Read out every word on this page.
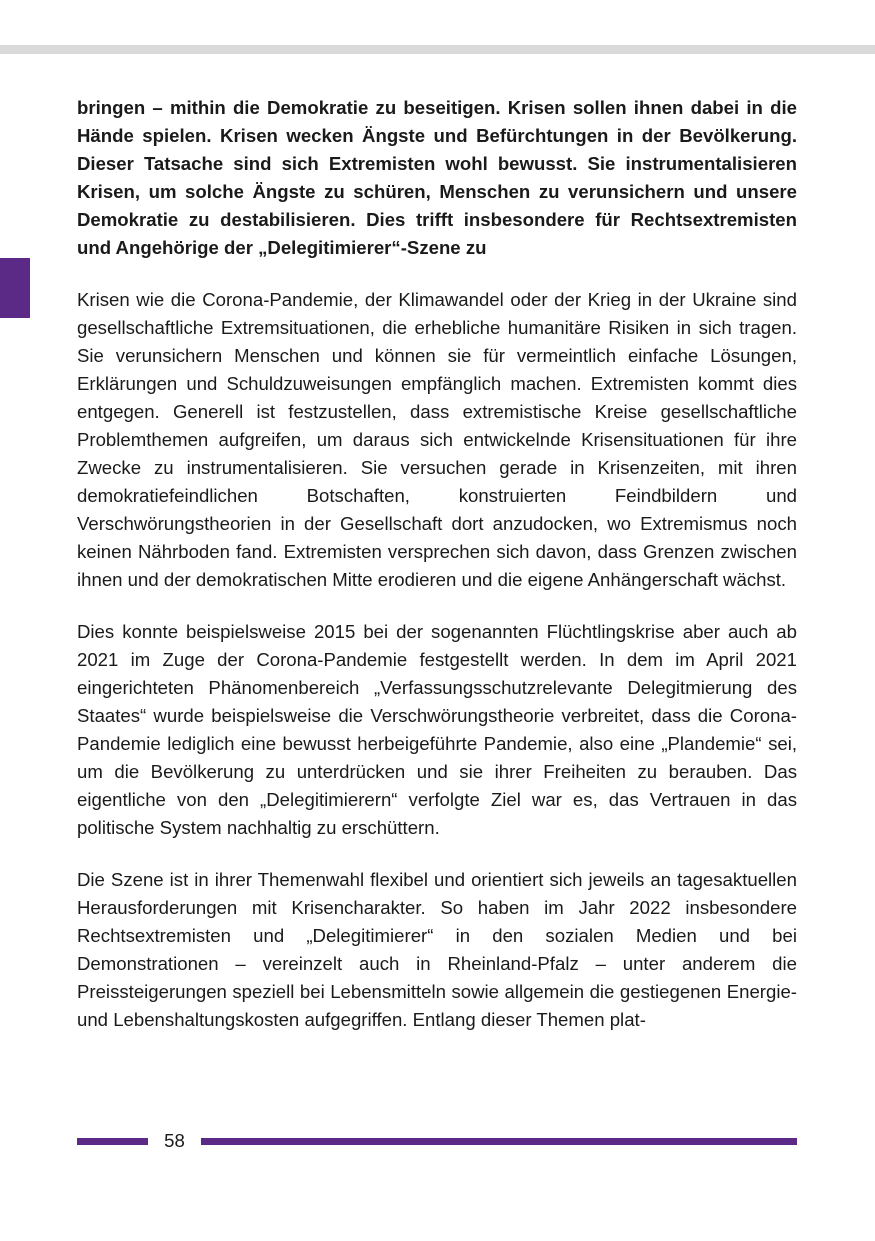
bringen – mithin die Demokratie zu beseitigen. Krisen sollen ihnen dabei in die Hände spielen. Krisen wecken Ängste und Befürchtungen in der Bevölkerung. Dieser Tatsache sind sich Extremisten wohl bewusst. Sie instrumentalisieren Krisen, um solche Ängste zu schüren, Menschen zu verunsichern und unsere Demokratie zu destabilisieren. Dies trifft insbesondere für Rechtsextremisten und Angehörige der „Delegitimierer“-Szene zu

Krisen wie die Corona-Pandemie, der Klimawandel oder der Krieg in der Ukraine sind gesellschaftliche Extremsituationen, die erhebliche humanitäre Risiken in sich tragen. Sie verunsichern Menschen und können sie für vermeintlich einfache Lösungen, Erklärungen und Schuldzuweisungen empfänglich machen. Extremisten kommt dies entgegen. Generell ist festzustellen, dass extremistische Kreise gesellschaftliche Problemthemen aufgreifen, um daraus sich entwickelnde Krisensituationen für ihre Zwecke zu instrumentalisieren. Sie versuchen gerade in Krisenzeiten, mit ihren demokratiefeindlichen Botschaften, konstruierten Feindbildern und Verschwörungstheorien in der Gesellschaft dort anzudocken, wo Extremismus noch keinen Nährboden fand. Extremisten versprechen sich davon, dass Grenzen zwischen ihnen und der demokratischen Mitte erodieren und die eigene Anhängerschaft wächst.

Dies konnte beispielsweise 2015 bei der sogenannten Flüchtlingskrise aber auch ab 2021 im Zuge der Corona-Pandemie festgestellt werden. In dem im April 2021 eingerichteten Phänomenbereich „Verfassungsschutzrelevante Delegitmierung des Staates“ wurde beispielsweise die Verschwörungstheorie verbreitet, dass die Corona-Pandemie lediglich eine bewusst herbeigeführte Pandemie, also eine „Plandemie“ sei, um die Bevölkerung zu unterdrücken und sie ihrer Freiheiten zu berauben. Das eigentliche von den „Delegitimierern“ verfolgte Ziel war es, das Vertrauen in das politische System nachhaltig zu erschüttern.

Die Szene ist in ihrer Themenwahl flexibel und orientiert sich jeweils an tagesaktuellen Herausforderungen mit Krisencharakter. So haben im Jahr 2022 insbesondere Rechtsextremisten und „Delegitimierer“ in den sozialen Medien und bei Demonstrationen – vereinzelt auch in Rheinland-Pfalz – unter anderem die Preissteigerungen speziell bei Lebensmitteln sowie allgemein die gestiegenen Energie- und Lebenshaltungskosten aufgegriffen. Entlang dieser Themen plat-

58
